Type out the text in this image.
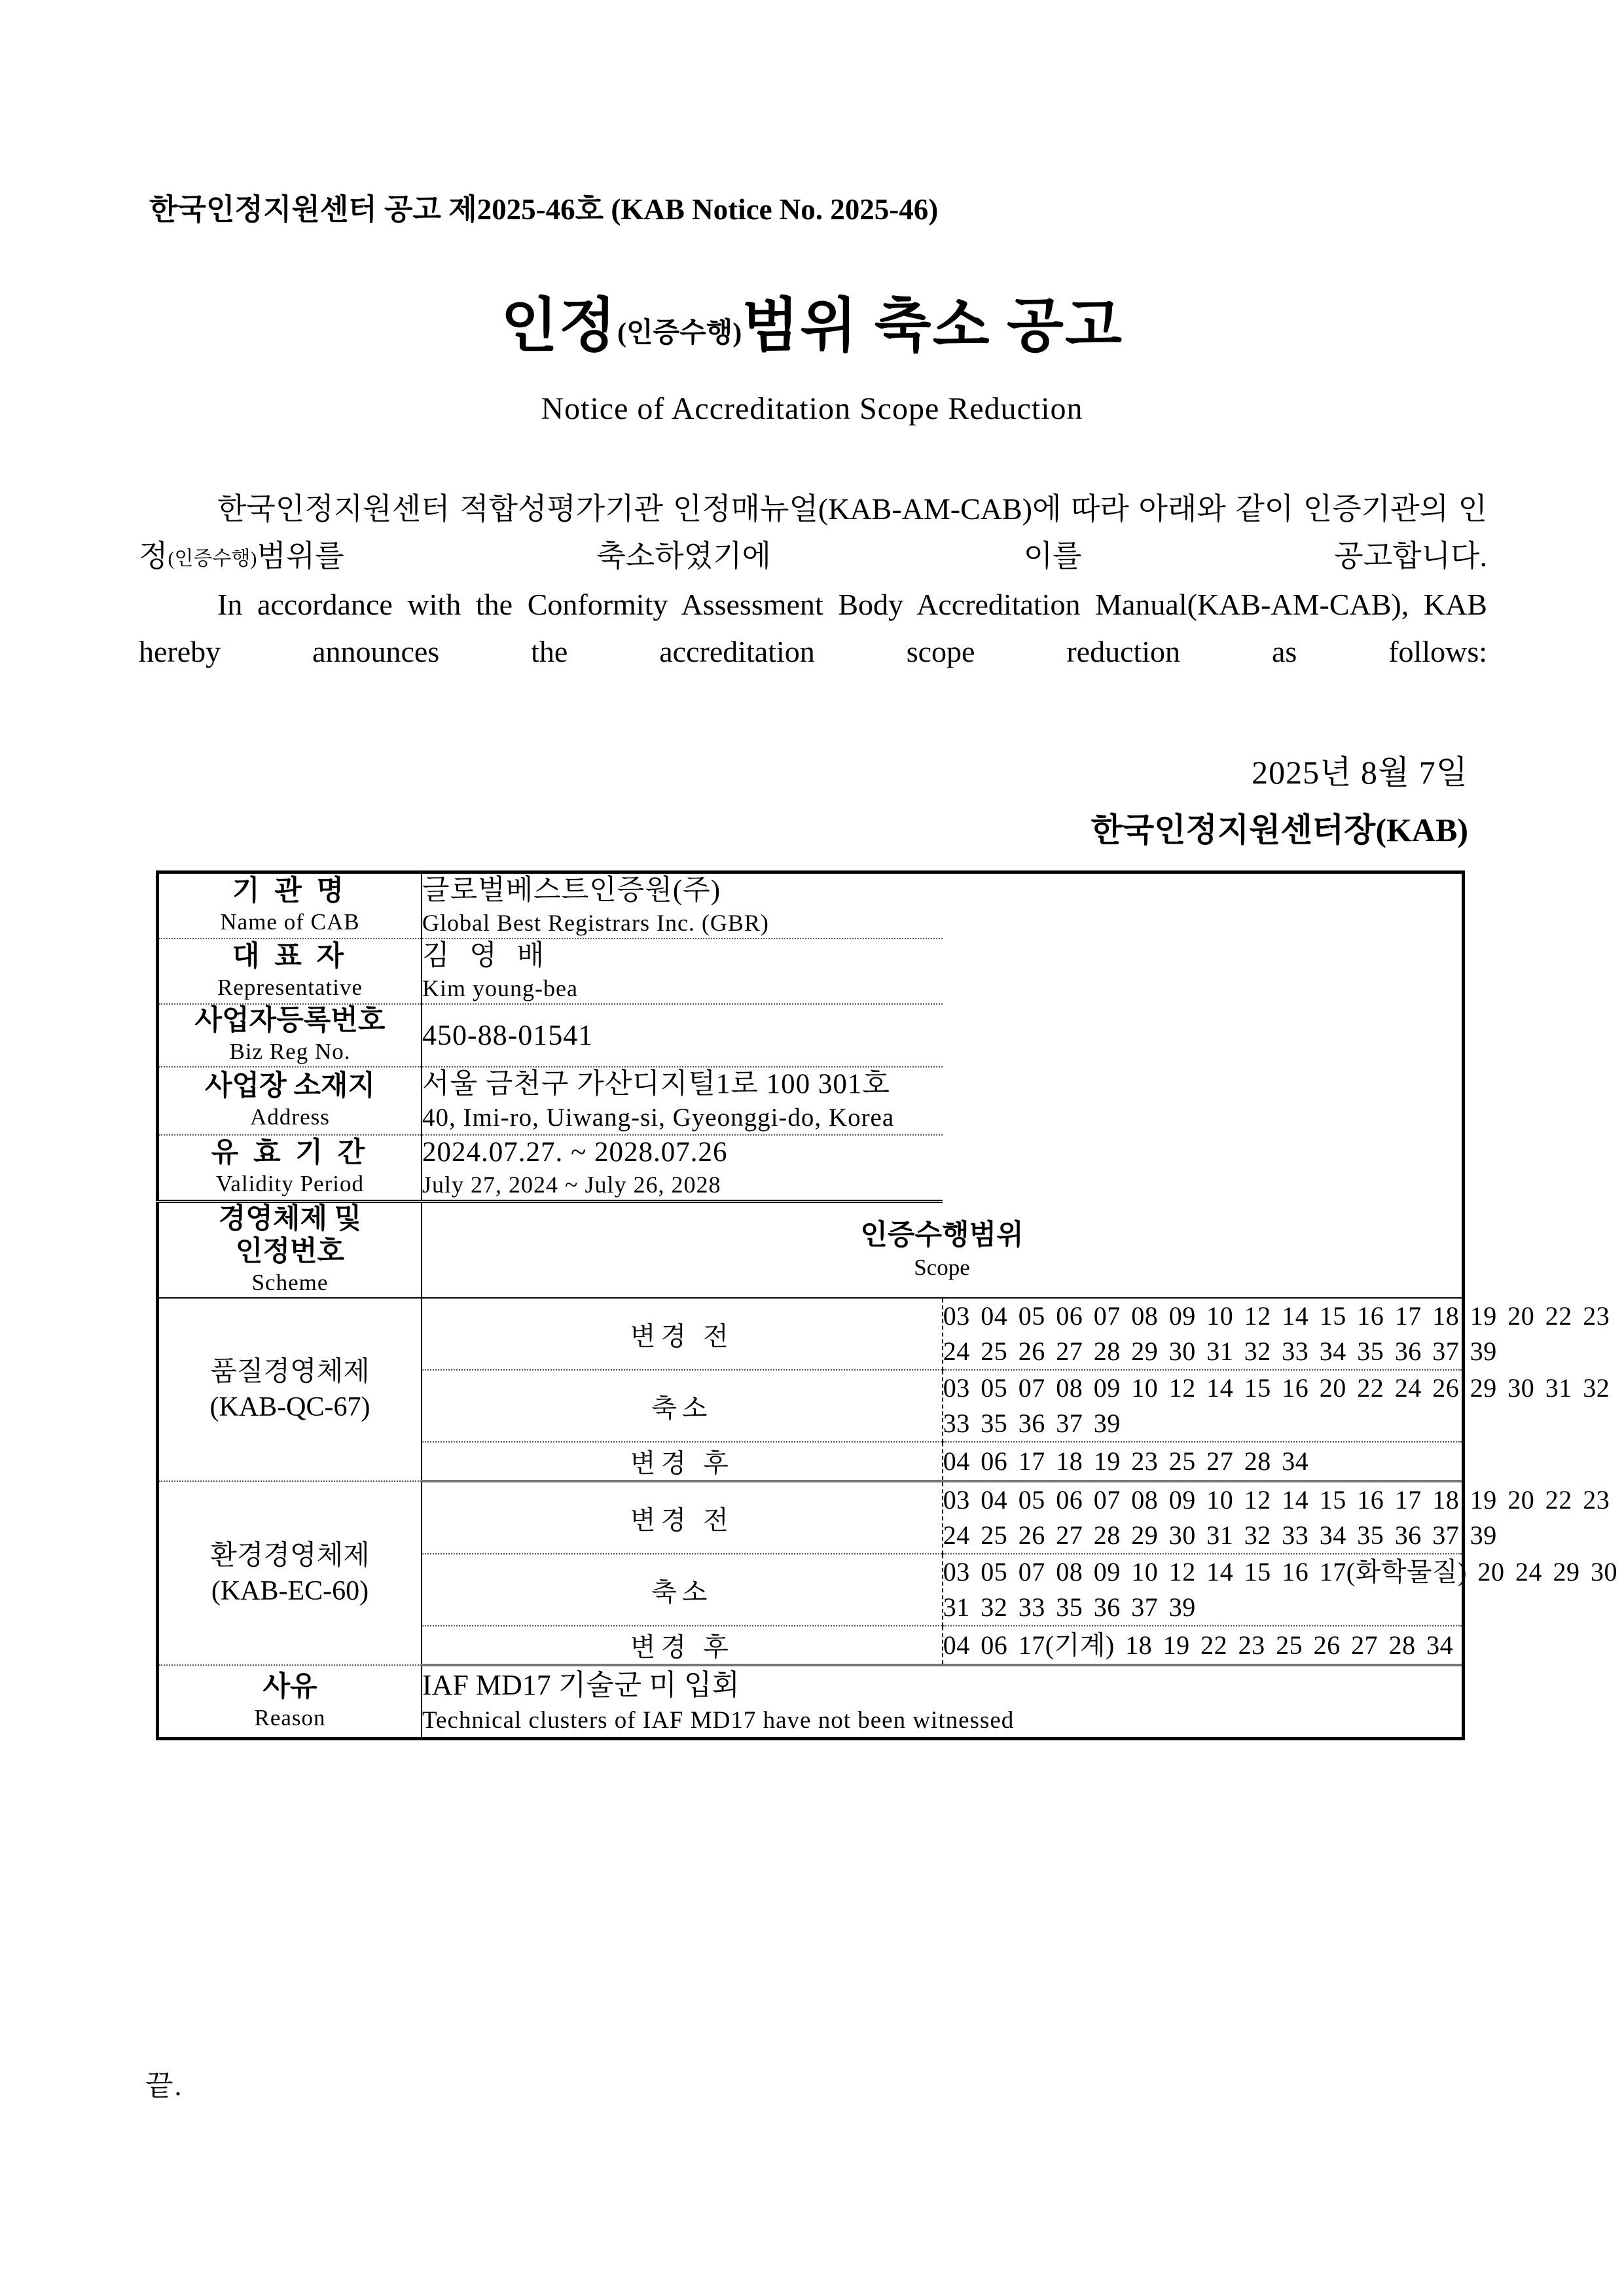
한국인정지원센터 공고 제2025-46호 (KAB Notice No. 2025-46)
인정(인증수행)범위 축소 공고
Notice of Accreditation Scope Reduction
한국인정지원센터 적합성평가기관 인정매뉴얼(KAB-AM-CAB)에 따라 아래와 같이 인증기관의 인정(인증수행)범위를 축소하였기에 이를 공고합니다.
In accordance with the Conformity Assessment Body Accreditation Manual(KAB-AM-CAB), KAB hereby announces the accreditation scope reduction as follows:
2025년 8월 7일
한국인정지원센터장(KAB)
기 관 명
Name of CAB	글로벌베스트인증원(주)
Global Best Registrars Inc. (GBR)	

대 표 자
Representative	김 영 배
Kim young-bea	

사업자등록번호
Biz Reg No.	450-88-01541	

사업장 소재지
Address	서울 금천구 가산디지털1로 100 301호
40, Imi-ro, Uiwang-si, Gyeonggi-do, Korea	

유 효 기 간
Validity Period	2024.07.27. ~ 2028.07.26
July 27, 2024 ~ July 26, 2028	

경영체제 및
인정번호
Scheme	인증수행범위
Scope	

품질경영체제
(KAB-QC-67)	변경 전	03 04 05 06 07 08 09 10 12 14 15 16 17 18 19 20 22 23
24 25 26 27 28 29 30 31 32 33 34 35 36 37 39

	축소	03 05 07 08 09 10 12 14 15 16 20 22 24 26 29 30 31 32
33 35 36 37 39

	변경 후	04 06 17 18 19 23 25 27 28 34

환경경영체제
(KAB-EC-60)	변경 전	03 04 05 06 07 08 09 10 12 14 15 16 17 18 19 20 22 23
24 25 26 27 28 29 30 31 32 33 34 35 36 37 39

	축소	03 05 07 08 09 10 12 14 15 16 17(화학물질) 20 24 29 30
31 32 33 35 36 37 39

	변경 후	04 06 17(기계) 18 19 22 23 25 26 27 28 34

사유
Reason	IAF MD17 기술군 미 입회
Technical clusters of IAF MD17 have not been witnessed	
끝.
